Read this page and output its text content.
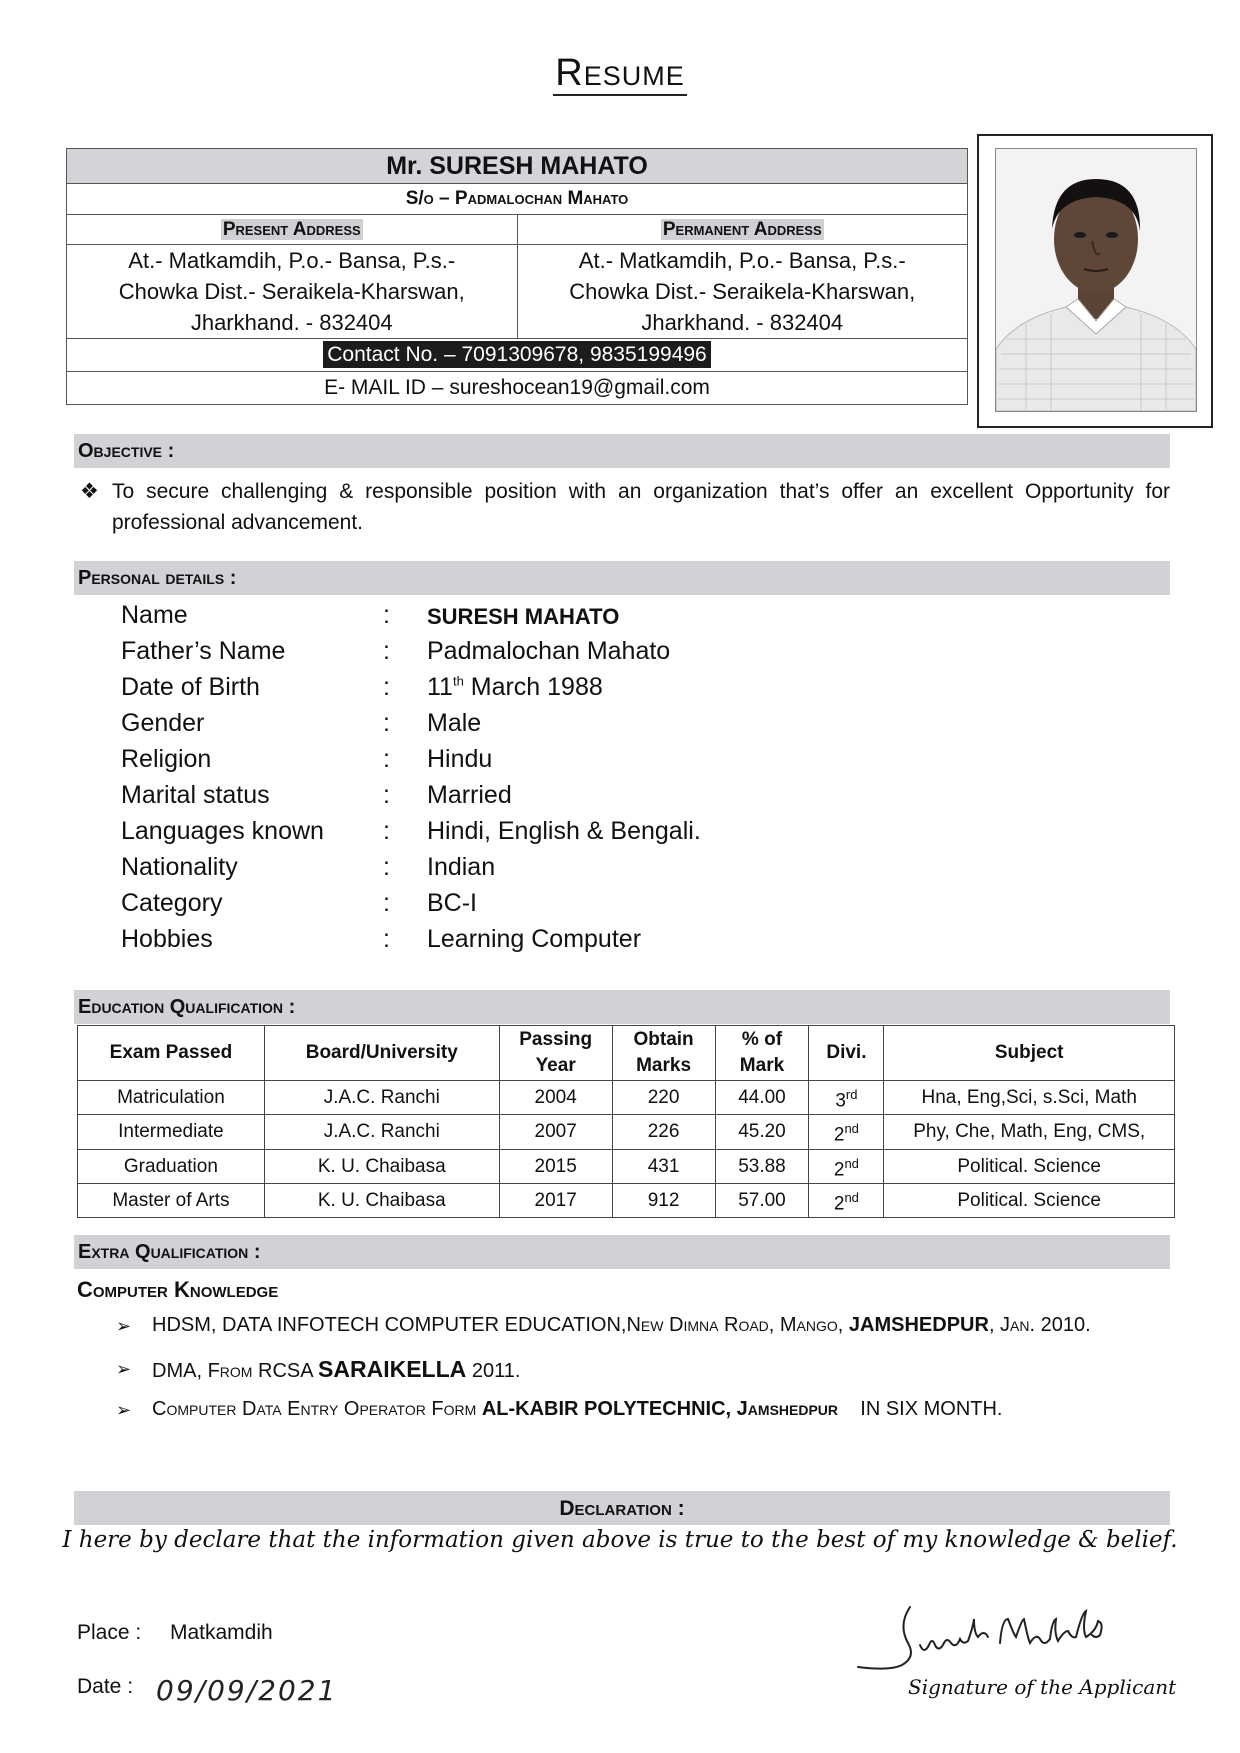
Resume
Mr. SURESH MAHATO
S/o – Padmalochan Mahato
Present Address
At.- Matkamdih, P.o.- Bansa, P.s.-
Chowka Dist.- Seraikela-Kharswan,
Jharkhand. - 832404
Permanent Address
At.- Matkamdih, P.o.- Bansa, P.s.-
Chowka Dist.- Seraikela-Kharswan,
Jharkhand. - 832404
Contact No. – 7091309678, 9835199496
E- MAIL ID – sureshocean19@gmail.com
Objective :
❖ To secure challenging & responsible position with an organization that’s offer an excellent Opportunity for professional advancement.
Personal details :
Name	: SURESH MAHATO
Father’s Name	: Padmalochan Mahato
Date of Birth	: 11th March 1988
Gender	: Male
Religion	: Hindu
Marital status	: Married
Languages known : Hindi, English & Bengali.
Nationality	: Indian
Category	: BC-I
Hobbies	: Learning Computer
Education Qualification :
Exam Passed	Board/University	Passing Year	Obtain Marks	% of Mark	Divi.	Subject
Matriculation	J.A.C. Ranchi	2004	220	44.00	3rd	Hna, Eng,Sci, s.Sci, Math
Intermediate	J.A.C. Ranchi	2007	226	45.20	2nd	Phy, Che, Math, Eng, CMS,
Graduation	K. U. Chaibasa	2015	431	53.88	2nd	Political. Science
Master of Arts	K. U. Chaibasa	2017	912	57.00	2nd	Political. Science
Extra Qualification :
Computer Knowledge
➢ HDSM, DATA INFOTECH COMPUTER EDUCATION,New Dimna Road, Mango, JAMSHEDPUR, Jan. 2010.
➢ DMA, From RCSA SARAIKELLA 2011.
➢ Computer Data Entry Operator Form AL-KABIR POLYTECHNIC, Jamshedpur    IN SIX MONTH.
Declaration :
I here by declare that the information given above is true to the best of my knowledge & belief.
Place : Matkamdih
Date : 09/09/2021	Signature of the Applicant
